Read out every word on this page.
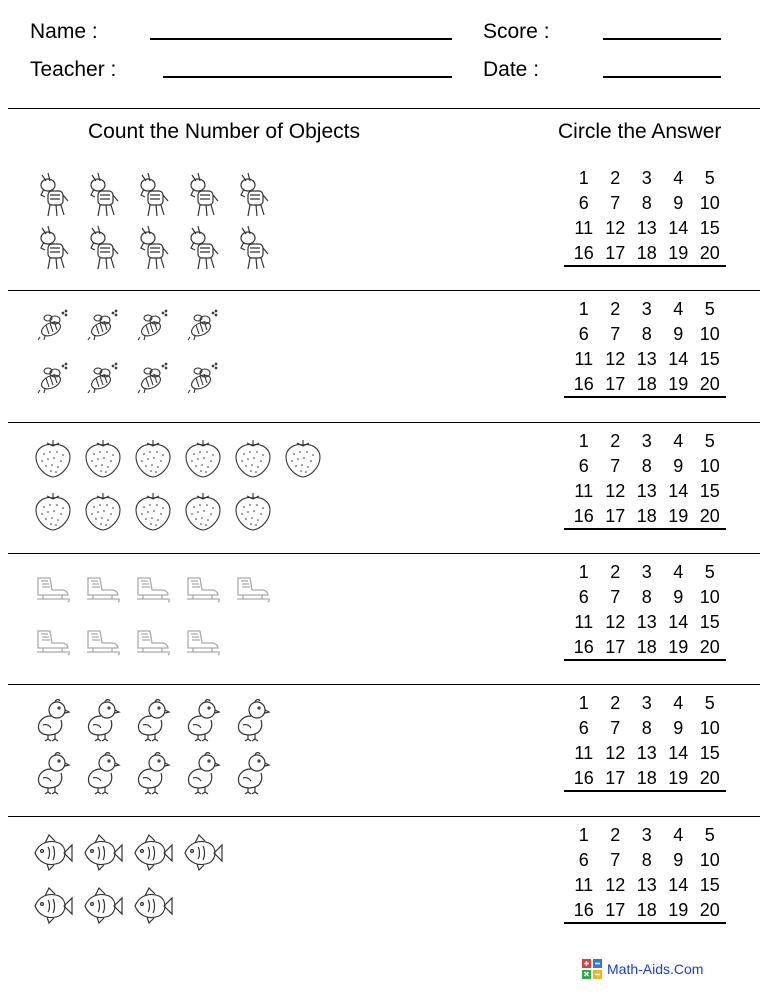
Name :
Teacher :
Score :
Date :
Count the Number of Objects	Circle the Answer
1	2	3	4	5
6	7	8	9 10
11 12 13 14 15
16 17 18 19 20
1	2	3	4	5
6	7	8	9 10
11 12 13 14 15
16 17 18 19 20
1	2	3	4	5
6	7	8	9 10
11 12 13 14 15
16 17 18 19 20
1	2	3	4	5
6	7	8	9 10
11 12 13 14 15
16 17 18 19 20
1	2	3	4	5
6	7	8	9 10
11 12 13 14 15
16 17 18 19 20
1	2	3	4	5
6	7	8	9 10
11 12 13 14 15
16 17 18 19 20
Math-Aids.Com
